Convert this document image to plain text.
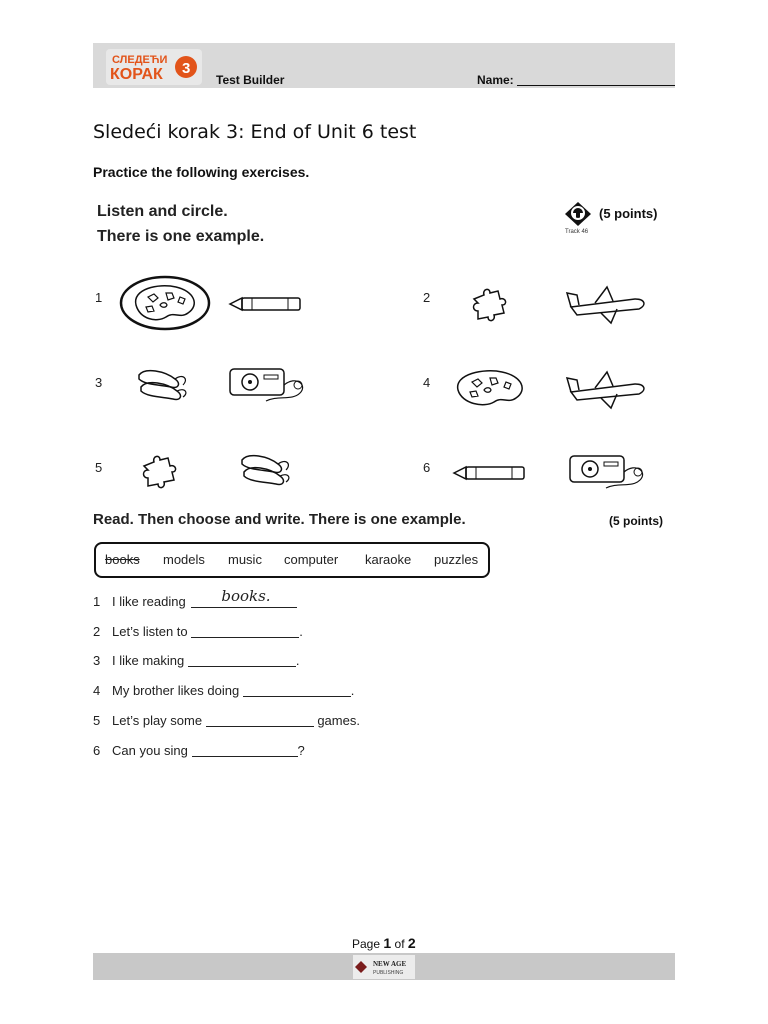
СЛЕДЕЋИ
КОРАК 3
Test Builder	Name:
Sledeći korak 3: End of Unit 6 test
Practice the following exercises.
Listen and circle.
There is one example.
(5 points)
Track 46
1	2
3	4
5	6
Read. Then choose and write. There is one example.	(5 points)
books models music computer karaoke puzzles
1 I like reading books.
2 Let’s listen to	.
3 I like making	.
4 My brother likes doing	.
5 Let’s play some	games.
6 Can you sing	?
Page 1 of 2
NEW AGE
PUBLISHING
